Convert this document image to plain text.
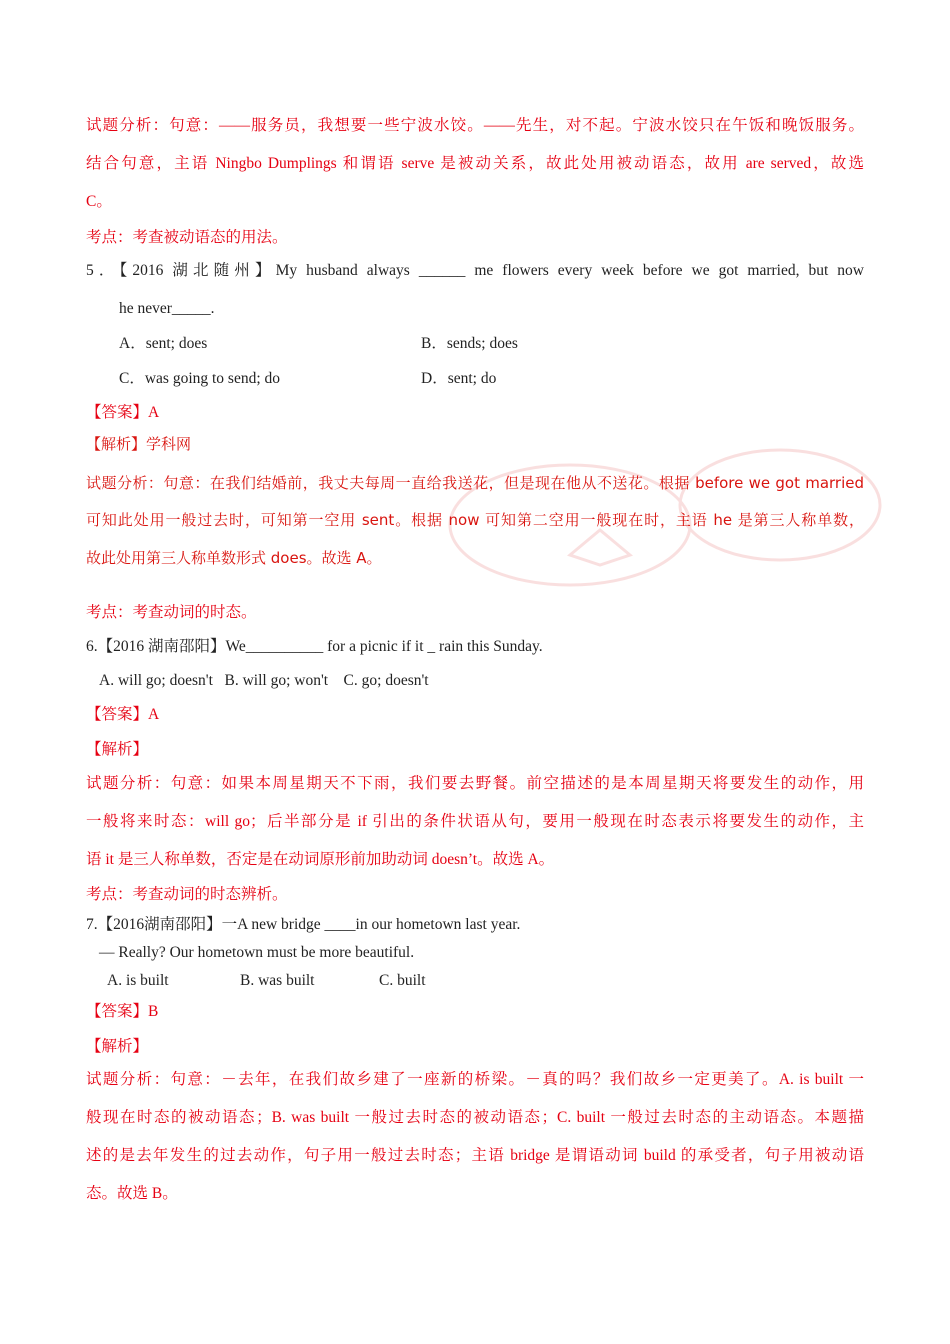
试题分析：句意：——服务员，我想要一些宁波水饺。——先生，对不起。宁波水饺只在午饭和晚饭服务。
结合句意，主语 Ningbo Dumplings 和谓语 serve 是被动关系，故此处用被动语态，故用 are served，故选
C。
考点：考查被动语态的用法。
5．【2016 湖北随州】My husband always ______ me flowers every week before we got married, but now
he never_____.
A．sent; does	B．sends; does
C．was going to send; do	D．sent; do
【答案】A
【解析】学科网
试题分析：句意：在我们结婚前，我丈夫每周一直给我送花，但是现在他从不送花。根据 before we got married
可知此处用一般过去时，可知第一空用 sent。根据 now 可知第二空用一般现在时，主语 he 是第三人称单数，
故此处用第三人称单数形式 does。故选 A。
考点：考查动词的时态。
6.【2016 湖南邵阳】We__________ for a picnic if it _ rain this Sunday.
A. will go; doesn't   B. will go; won't    C. go; doesn't
【答案】A
【解析】
试题分析：句意：如果本周星期天不下雨，我们要去野餐。前空描述的是本周星期天将要发生的动作，用
一般将来时态：will go；后半部分是 if 引出的条件状语从句，要用一般现在时态表示将要发生的动作，主
语 it 是三人称单数，否定是在动词原形前加助动词 doesn’t。故选 A。
考点：考查动词的时态辨析。
7.【2016湖南邵阳】一A new bridge ____in our hometown last year.
— Really? Our hometown must be more beautiful.
A. is built	B. was built	C. built
【答案】B
【解析】
试题分析：句意：－去年，在我们故乡建了一座新的桥梁。－真的吗？我们故乡一定更美了。A. is built 一
般现在时态的被动语态；B. was built 一般过去时态的被动语态；C. built 一般过去时态的主动语态。本题描
述的是去年发生的过去动作，句子用一般过去时态；主语 bridge 是谓语动词 build 的承受者，句子用被动语
态。故选 B。
